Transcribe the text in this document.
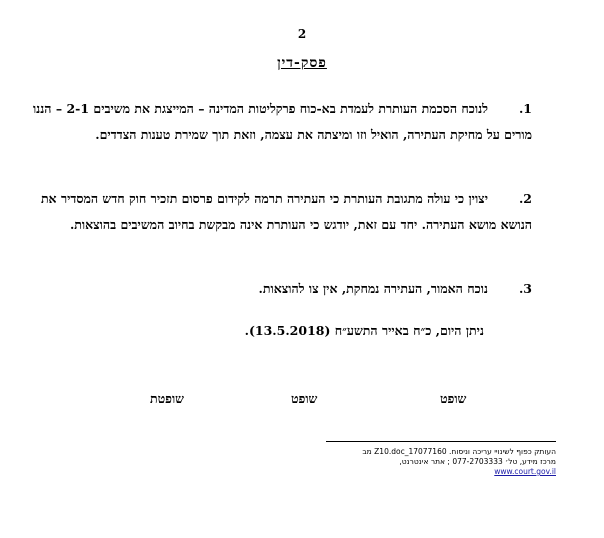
2
פסק-דין
1.
לנוכח הסכמת העותרת לעמדת בא-כוח פרקליטות המדינה – המייצגת את משיבים 2-1 – הננו מורים על מחיקת העתירה, הואיל וזו ומיצתה את עצמה, וזאת תוך שמירת טענות הצדדים.
2.
יצוין כי עולה מתגובת העותרת כי העתירה תרמה לקידום פרסום תזכיר חוק חדש המסדיר את הנושא מושא העתירה. יחד עם זאת, יודגש כי העותרת אינה מבקשת בחיוב המשיבים בהוצאות.
3.
נוכח האמור, העתירה נמחקת, אין צו להוצאות.
ניתן היום, כ״ח באייר התשע״ח (13.5.2018).
שופט
שופט
שופטת
העותק כפוף לשינויי עריכה וניסוח. 17077160_Z10.doc מב
מרכז מידע, טל׳ 077-2703333 ; אתר אינטרנט,
www.court.gov.il
